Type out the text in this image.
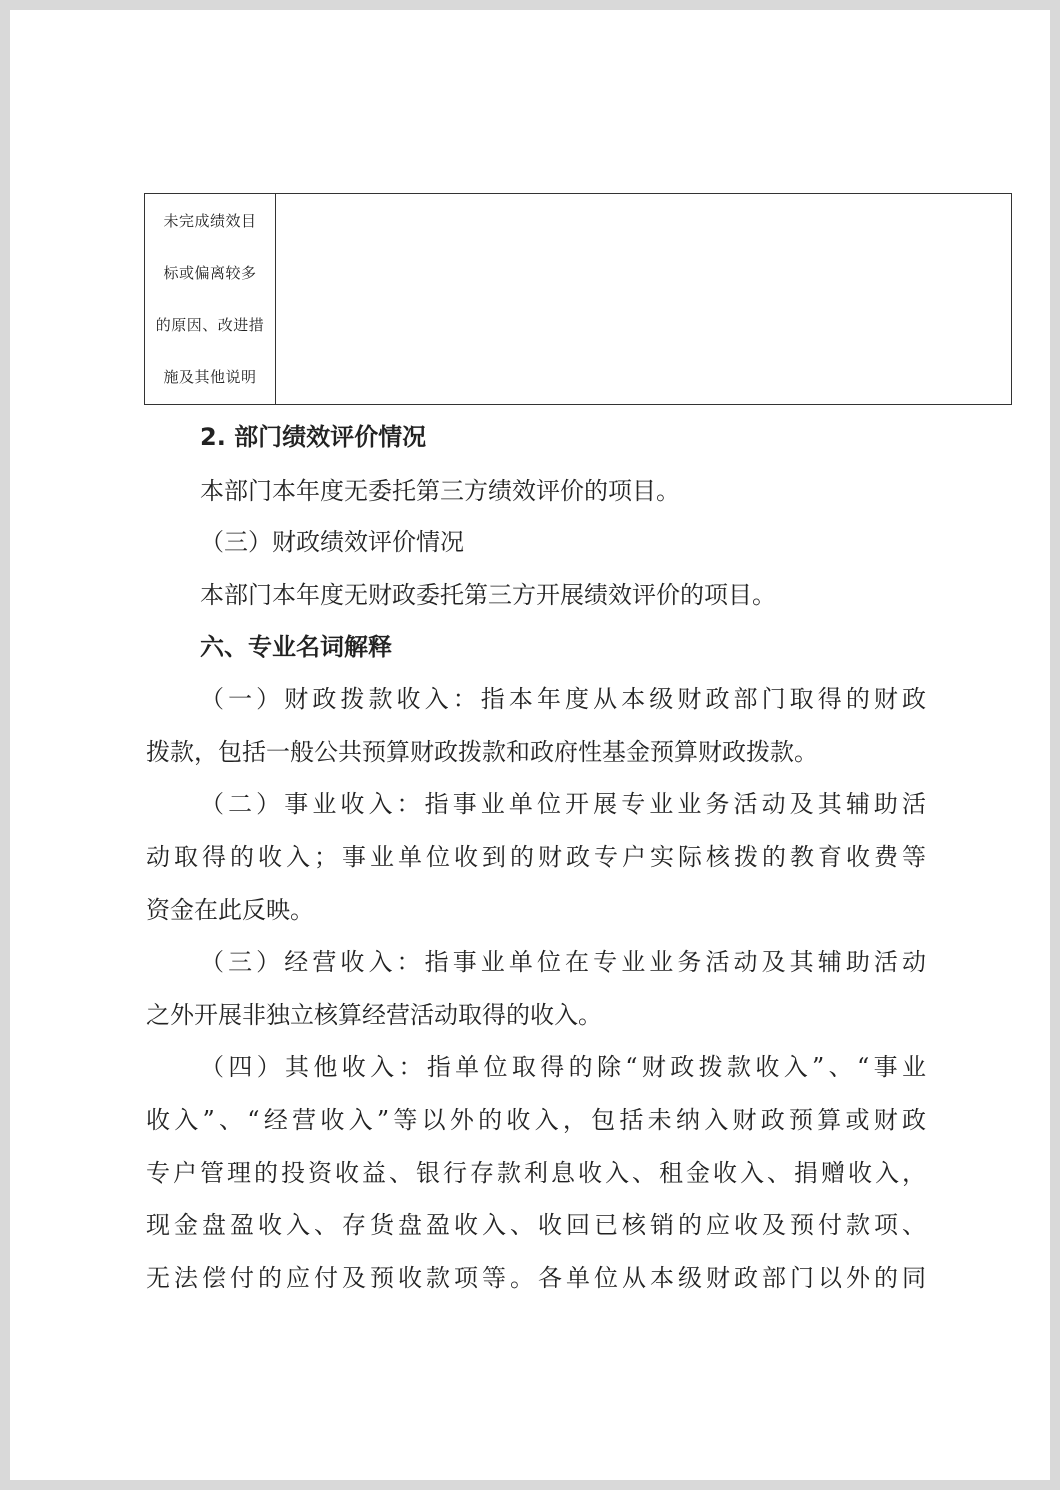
未完成绩效目
标或偏离较多
的原因、改进措
施及其他说明
2. 部门绩效评价情况
本部门本年度无委托第三方绩效评价的项目。
（三）财政绩效评价情况
本部门本年度无财政委托第三方开展绩效评价的项目。
六、专业名词解释
（一）财政拨款收入：指本年度从本级财政部门取得的财政
拨款，包括一般公共预算财政拨款和政府性基金预算财政拨款。
（二）事业收入：指事业单位开展专业业务活动及其辅助活
动取得的收入；事业单位收到的财政专户实际核拨的教育收费等
资金在此反映。
（三）经营收入：指事业单位在专业业务活动及其辅助活动
之外开展非独立核算经营活动取得的收入。
（四）其他收入：指单位取得的除“财政拨款收入”、“事业
收入”、“经营收入”等以外的收入，包括未纳入财政预算或财政
专户管理的投资收益、银行存款利息收入、租金收入、捐赠收入，
现金盘盈收入、存货盘盈收入、收回已核销的应收及预付款项、
无法偿付的应付及预收款项等。各单位从本级财政部门以外的同
